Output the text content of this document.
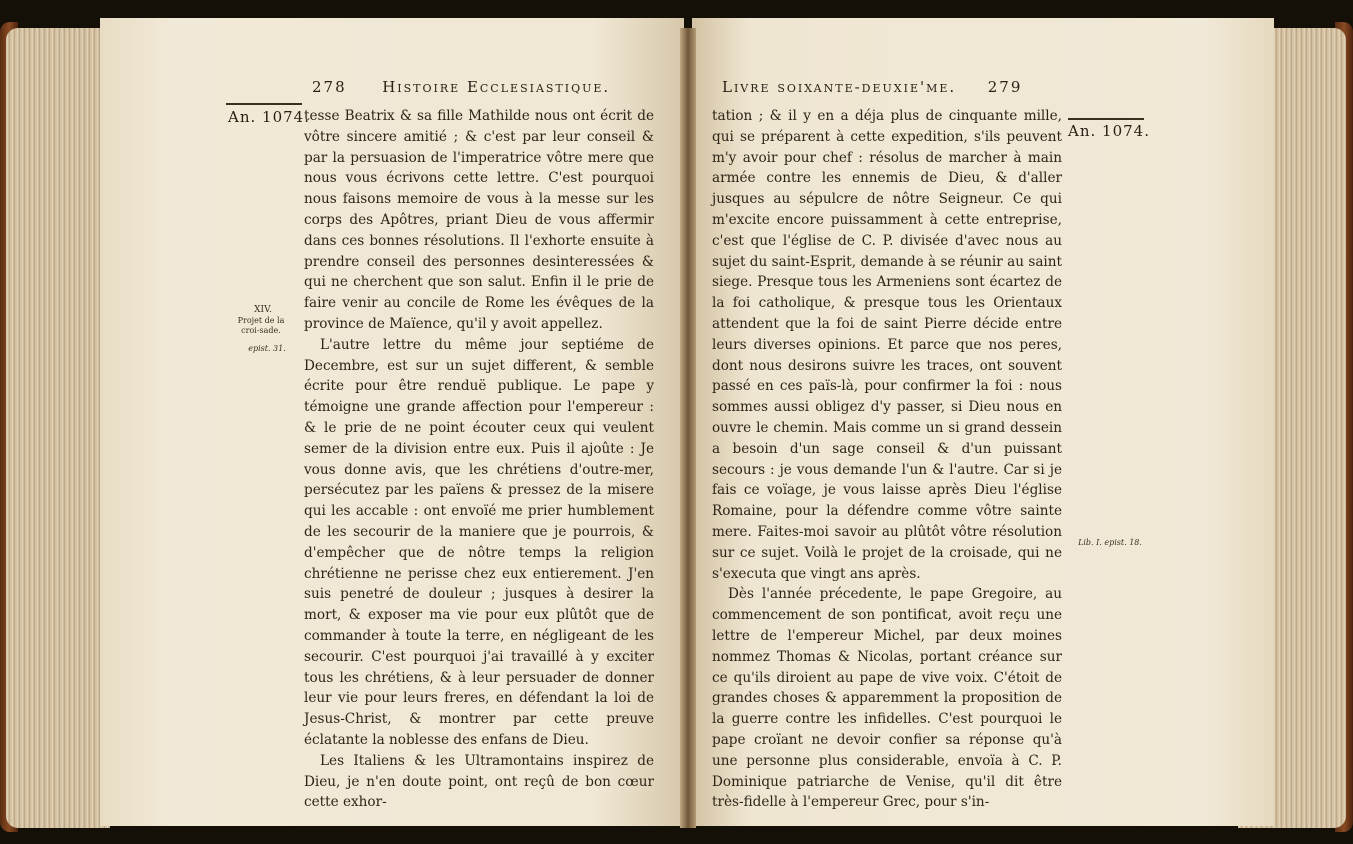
278 Histoire Ecclesiastique.
An. 1074.
XIV.
Projet de la croi-sade.
epist. 31.

tesse Beatrix & sa fille Mathilde nous ont écrit de vôtre sincere amitié ; & c'est par leur conseil & par la persuasion de l'imperatrice vôtre mere que nous vous écrivons cette lettre. C'est pourquoi nous faisons memoire de vous à la messe sur les corps des Apôtres, priant Dieu de vous affermir dans ces bonnes résolutions. Il l'exhorte ensuite à prendre conseil des personnes desinteressées & qui ne cherchent que son salut. Enfin il le prie de faire venir au concile de Rome les évêques de la province de Maïence, qu'il y avoit appellez.

L'autre lettre du même jour septiéme de Decembre, est sur un sujet different, & semble écrite pour être renduë publique. Le pape y témoigne une grande affection pour l'empereur : & le prie de ne point écouter ceux qui veulent semer de la division entre eux. Puis il ajoûte : Je vous donne avis, que les chrétiens d'outre-mer, persécutez par les païens & pressez de la misere qui les accable : ont envoïé me prier humblement de les secourir de la maniere que je pourrois, & d'empêcher que de nôtre temps la religion chrétienne ne perisse chez eux entierement. J'en suis penetré de douleur ; jusques à desirer la mort, & exposer ma vie pour eux plûtôt que de commander à toute la terre, en négligeant de les secourir. C'est pourquoi j'ai travaillé à y exciter tous les chrétiens, & à leur persuader de donner leur vie pour leurs freres, en défendant la loi de Jesus-Christ, & montrer par cette preuve éclatante la noblesse des enfans de Dieu.

Les Italiens & les Ultramontains inspirez de Dieu, je n'en doute point, ont reçû de bon cœur cette exhor-

Livre soixante-deuxie'me. 279
An. 1074.
Lib. I. epist. 18.

tation ; & il y en a déja plus de cinquante mille, qui se préparent à cette expedition, s'ils peuvent m'y avoir pour chef : résolus de marcher à main armée contre les ennemis de Dieu, & d'aller jusques au sépulcre de nôtre Seigneur. Ce qui m'excite encore puissamment à cette entreprise, c'est que l'église de C. P. divisée d'avec nous au sujet du saint-Esprit, demande à se réunir au saint siege. Presque tous les Armeniens sont écartez de la foi catholique, & presque tous les Orientaux attendent que la foi de saint Pierre décide entre leurs diverses opinions. Et parce que nos peres, dont nous desirons suivre les traces, ont souvent passé en ces païs-là, pour confirmer la foi : nous sommes aussi obligez d'y passer, si Dieu nous en ouvre le chemin. Mais comme un si grand dessein a besoin d'un sage conseil & d'un puissant secours : je vous demande l'un & l'autre. Car si je fais ce voïage, je vous laisse après Dieu l'église Romaine, pour la défendre comme vôtre sainte mere. Faites-moi savoir au plûtôt vôtre résolution sur ce sujet. Voilà le projet de la croisade, qui ne s'executa que vingt ans après.

Dès l'année précedente, le pape Gregoire, au commencement de son pontificat, avoit reçu une lettre de l'empereur Michel, par deux moines nommez Thomas & Nicolas, portant créance sur ce qu'ils diroient au pape de vive voix. C'étoit de grandes choses & apparemment la proposition de la guerre contre les infidelles. C'est pourquoi le pape croïant ne devoir confier sa réponse qu'à une personne plus considerable, envoïa à C. P. Dominique patriarche de Venise, qu'il dit être très-fidelle à l'empereur Grec, pour s'in-
